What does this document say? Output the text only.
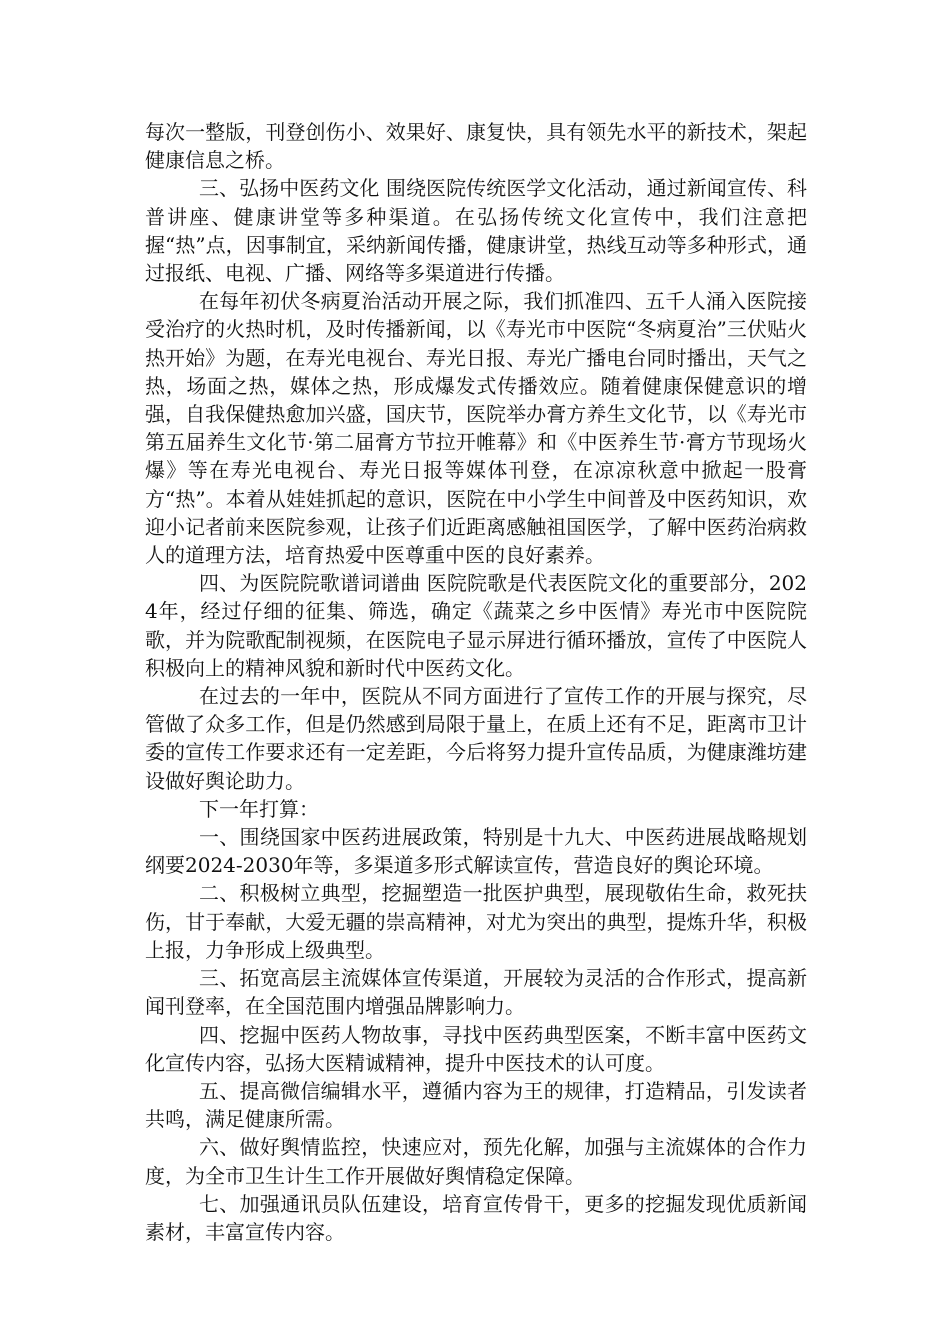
每次一整版，刊登创伤小、效果好、康复快，具有领先水平的新技术，架起健康信息之桥。

三、弘扬中医药文化 围绕医院传统医学文化活动，通过新闻宣传、科普讲座、健康讲堂等多种渠道。在弘扬传统文化宣传中，我们注意把握“热”点，因事制宜，采纳新闻传播，健康讲堂，热线互动等多种形式，通过报纸、电视、广播、网络等多渠道进行传播。

在每年初伏冬病夏治活动开展之际，我们抓准四、五千人涌入医院接受治疗的火热时机，及时传播新闻，以《寿光市中医院“冬病夏治”三伏贴火热开始》为题，在寿光电视台、寿光日报、寿光广播电台同时播出，天气之热，场面之热，媒体之热，形成爆发式传播效应。随着健康保健意识的增强，自我保健热愈加兴盛，国庆节，医院举办膏方养生文化节，以《寿光市第五届养生文化节·第二届膏方节拉开帷幕》和《中医养生节·膏方节现场火爆》等在寿光电视台、寿光日报等媒体刊登，在凉凉秋意中掀起一股膏方“热”。本着从娃娃抓起的意识，医院在中小学生中间普及中医药知识，欢迎小记者前来医院参观，让孩子们近距离感触祖国医学，了解中医药治病救人的道理方法，培育热爱中医尊重中医的良好素养。

四、为医院院歌谱词谱曲 医院院歌是代表医院文化的重要部分，2024年，经过仔细的征集、筛选，确定《蔬菜之乡中医情》寿光市中医院院歌，并为院歌配制视频，在医院电子显示屏进行循环播放，宣传了中医院人积极向上的精神风貌和新时代中医药文化。

在过去的一年中，医院从不同方面进行了宣传工作的开展与探究，尽管做了众多工作，但是仍然感到局限于量上，在质上还有不足，距离市卫计委的宣传工作要求还有一定差距，今后将努力提升宣传品质，为健康潍坊建设做好舆论助力。

下一年打算：

一、围绕国家中医药进展政策，特别是十九大、中医药进展战略规划纲要2024-2030年等，多渠道多形式解读宣传，营造良好的舆论环境。

二、积极树立典型，挖掘塑造一批医护典型，展现敬佑生命，救死扶伤，甘于奉献，大爱无疆的崇高精神，对尤为突出的典型，提炼升华，积极上报，力争形成上级典型。

三、拓宽高层主流媒体宣传渠道，开展较为灵活的合作形式，提高新闻刊登率，在全国范围内增强品牌影响力。

四、挖掘中医药人物故事，寻找中医药典型医案，不断丰富中医药文化宣传内容，弘扬大医精诚精神，提升中医技术的认可度。

五、提高微信编辑水平，遵循内容为王的规律，打造精品，引发读者共鸣，满足健康所需。

六、做好舆情监控，快速应对，预先化解，加强与主流媒体的合作力度，为全市卫生计生工作开展做好舆情稳定保障。

七、加强通讯员队伍建设，培育宣传骨干，更多的挖掘发现优质新闻素材，丰富宣传内容。
